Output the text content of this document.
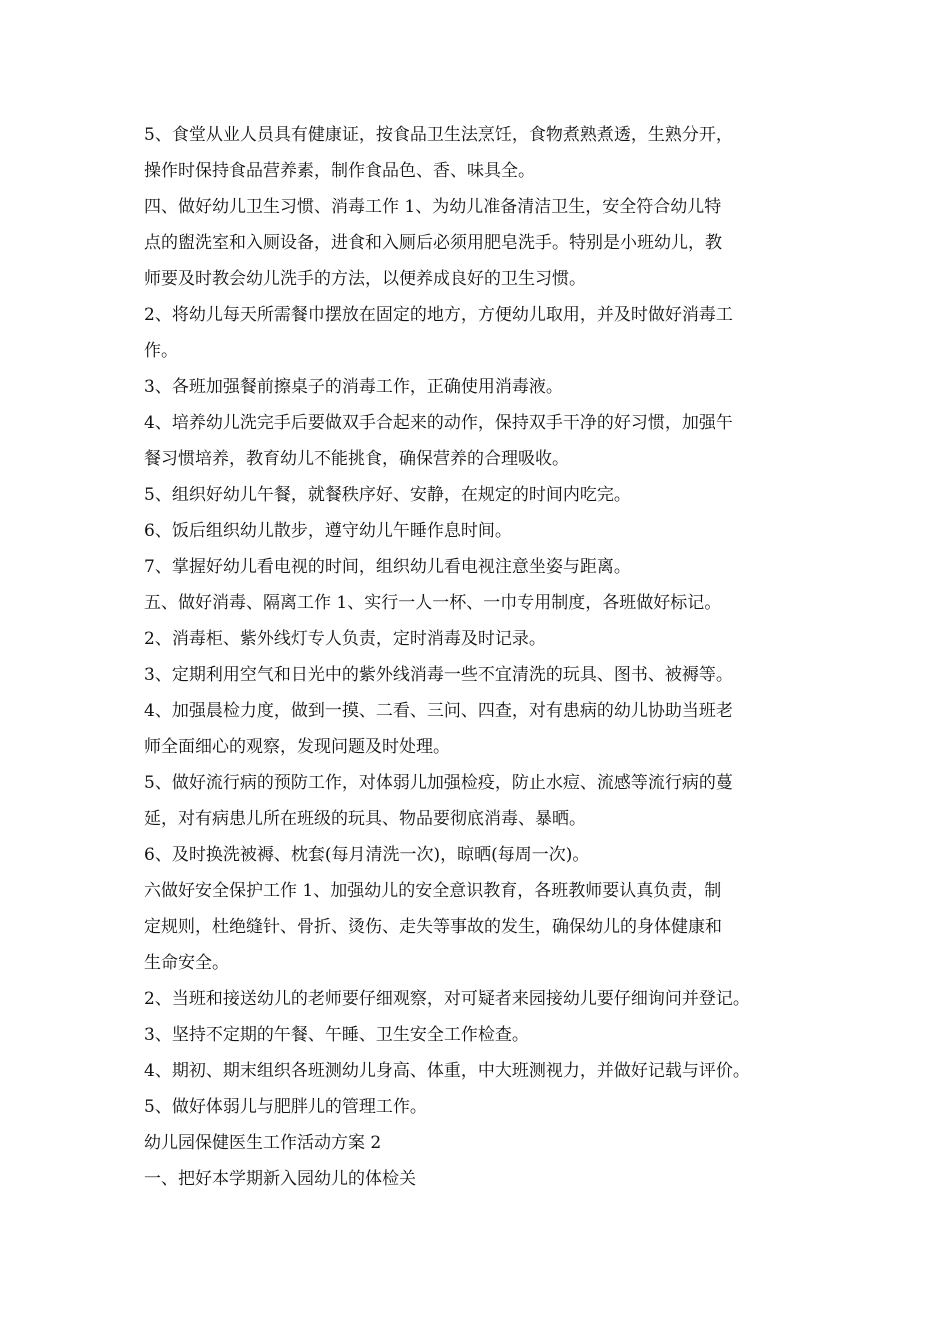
5、食堂从业人员具有健康证，按食品卫生法烹饪，食物煮熟煮透，生熟分开，
操作时保持食品营养素，制作食品色、香、味具全。
四、做好幼儿卫生习惯、消毒工作 1、为幼儿准备清洁卫生，安全符合幼儿特
点的盥洗室和入厕设备，进食和入厕后必须用肥皂洗手。特别是小班幼儿，教
师要及时教会幼儿洗手的方法，以便养成良好的卫生习惯。
2、将幼儿每天所需餐巾摆放在固定的地方，方便幼儿取用，并及时做好消毒工
作。
3、各班加强餐前擦桌子的消毒工作，正确使用消毒液。
4、培养幼儿洗完手后要做双手合起来的动作，保持双手干净的好习惯，加强午
餐习惯培养，教育幼儿不能挑食，确保营养的合理吸收。
5、组织好幼儿午餐，就餐秩序好、安静，在规定的时间内吃完。
6、饭后组织幼儿散步，遵守幼儿午睡作息时间。
7、掌握好幼儿看电视的时间，组织幼儿看电视注意坐姿与距离。
五、做好消毒、隔离工作 1、实行一人一杯、一巾专用制度，各班做好标记。
2、消毒柜、紫外线灯专人负责，定时消毒及时记录。
3、定期利用空气和日光中的紫外线消毒一些不宜清洗的玩具、图书、被褥等。
4、加强晨检力度，做到一摸、二看、三问、四查，对有患病的幼儿协助当班老
师全面细心的观察，发现问题及时处理。
5、做好流行病的预防工作，对体弱儿加强检疫，防止水痘、流感等流行病的蔓
延，对有病患儿所在班级的玩具、物品要彻底消毒、暴晒。
6、及时换洗被褥、枕套(每月清洗一次)，晾晒(每周一次)。
六做好安全保护工作 1、加强幼儿的安全意识教育，各班教师要认真负责，制
定规则，杜绝缝针、骨折、烫伤、走失等事故的发生，确保幼儿的身体健康和
生命安全。
2、当班和接送幼儿的老师要仔细观察，对可疑者来园接幼儿要仔细询问并登记。
3、坚持不定期的午餐、午睡、卫生安全工作检查。
4、期初、期末组织各班测幼儿身高、体重，中大班测视力，并做好记载与评价。
5、做好体弱儿与肥胖儿的管理工作。
幼儿园保健医生工作活动方案 2
一、把好本学期新入园幼儿的体检关
